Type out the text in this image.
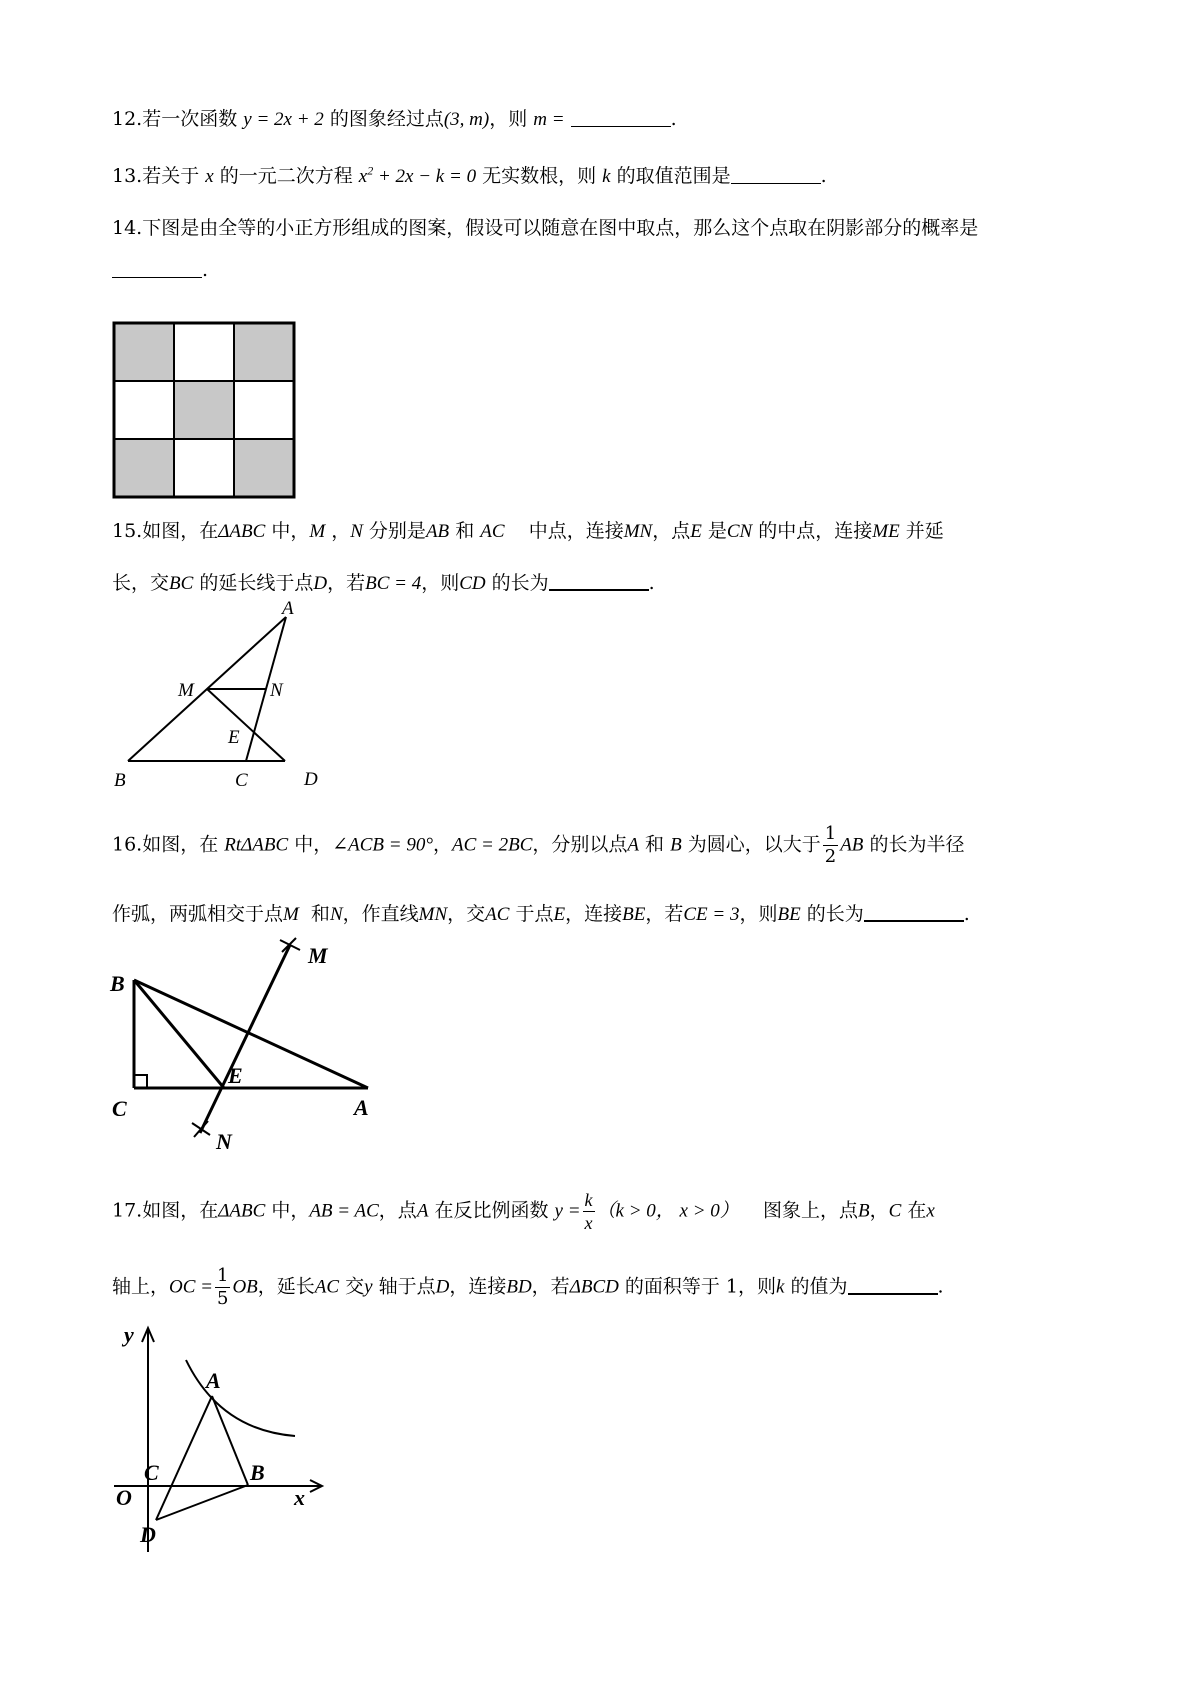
12.若一次函数 y = 2x + 2 的图象经过点(3, m)，则 m =	.
13.若关于 x 的一元二次方程 $x^2 + 2x - k = 0$ 无实数根，则 k 的取值范围是	.
14.下图是由全等的小正方形组成的图案，假设可以随意在图中取点，那么这个点取在阴影部分的概率是
.
15.如图，在ΔABC 中，M ，N 分别是AB 和 AC    中点，连接MN，点E 是CN 的中点，连接ME 并延
长，交BC 的延长线于点D，若BC = 4，则CD 的长为	.
A
M	N
E
B	C	D
16.如图，在 RtΔABC 中，∠ACB = 90°，AC = 2BC，分别以点A 和 B 为圆心，以大于 $\frac{1}{2}$ AB 的长为半径
作弧，两弧相交于点M  和N，作直线MN，交AC 于点E，连接BE，若CE = 3，则BE 的长为	.
B
C
E
A
M
N
17.如图，在ΔABC 中，AB = AC，点A 在反比例函数 $y = \frac{k}{x} (k > 0$， x > 0）    图象上，点B，C 在x
轴上，OC = $\frac{1}{5}$ OB，延长AC 交y 轴于点D，连接BD，若ΔBCD 的面积等于 1，则k 的值为	.
y
A
C	B
O	x
D
